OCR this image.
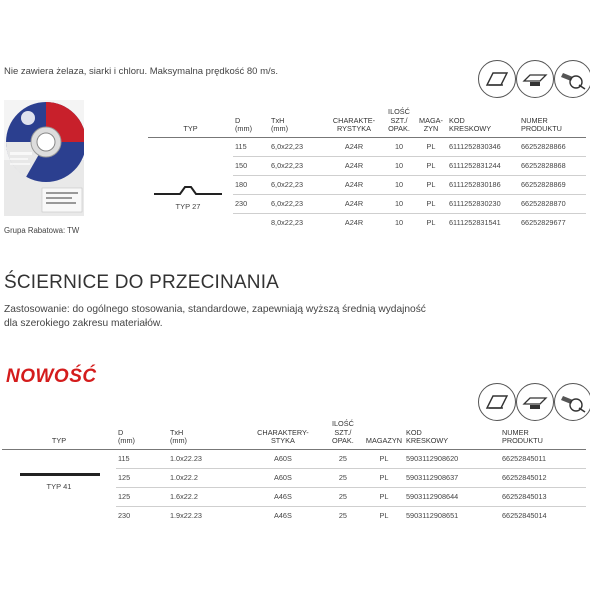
Nie zawiera żelaza, siarki i chloru. Maksymalna prędkość 80 m/s.
TYP	D
(mm)	TxH
(mm)	CHARAKTE-
RYSTYKA	ILOŚĆ
SZT./
OPAK.	MAGA-
ZYN	KOD
KRESKOWY	NUMER
PRODUKTU

TYP 27	115	6,0x22,23	A24R	10	PL	6111252830346	66252828866
	150	6,0x22,23	A24R	10	PL	6111252831244	66252828868
	180	6,0x22,23	A24R	10	PL	6111252830186	66252828869
	230	6,0x22,23	A24R	10	PL	6111252830230	66252828870
		8,0x22,23	A24R	10	PL	6111252831541	66252829677
Grupa Rabatowa: TW
ŚCIERNICE DO PRZECINANIA
Zastosowanie: do ogólnego stosowania, standardowe, zapewniają wyższą średnią wydajność
dla szerokiego zakresu materiałów.
NOWOŚĆ
TYP	D
(mm)	TxH
(mm)	CHARAKTERY-
STYKA	ILOŚĆ
SZT./
OPAK.	MAGAZYN	KOD
KRESKOWY	NUMER
PRODUKTU

TYP 41	115	1.0x22.23	A60S	25	PL	5903112908620	66252845011
	125	1.0x22.2	A60S	25	PL	5903112908637	66252845012
	125	1.6x22.2	A46S	25	PL	5903112908644	66252845013
	230	1.9x22.23	A46S	25	PL	5903112908651	66252845014
